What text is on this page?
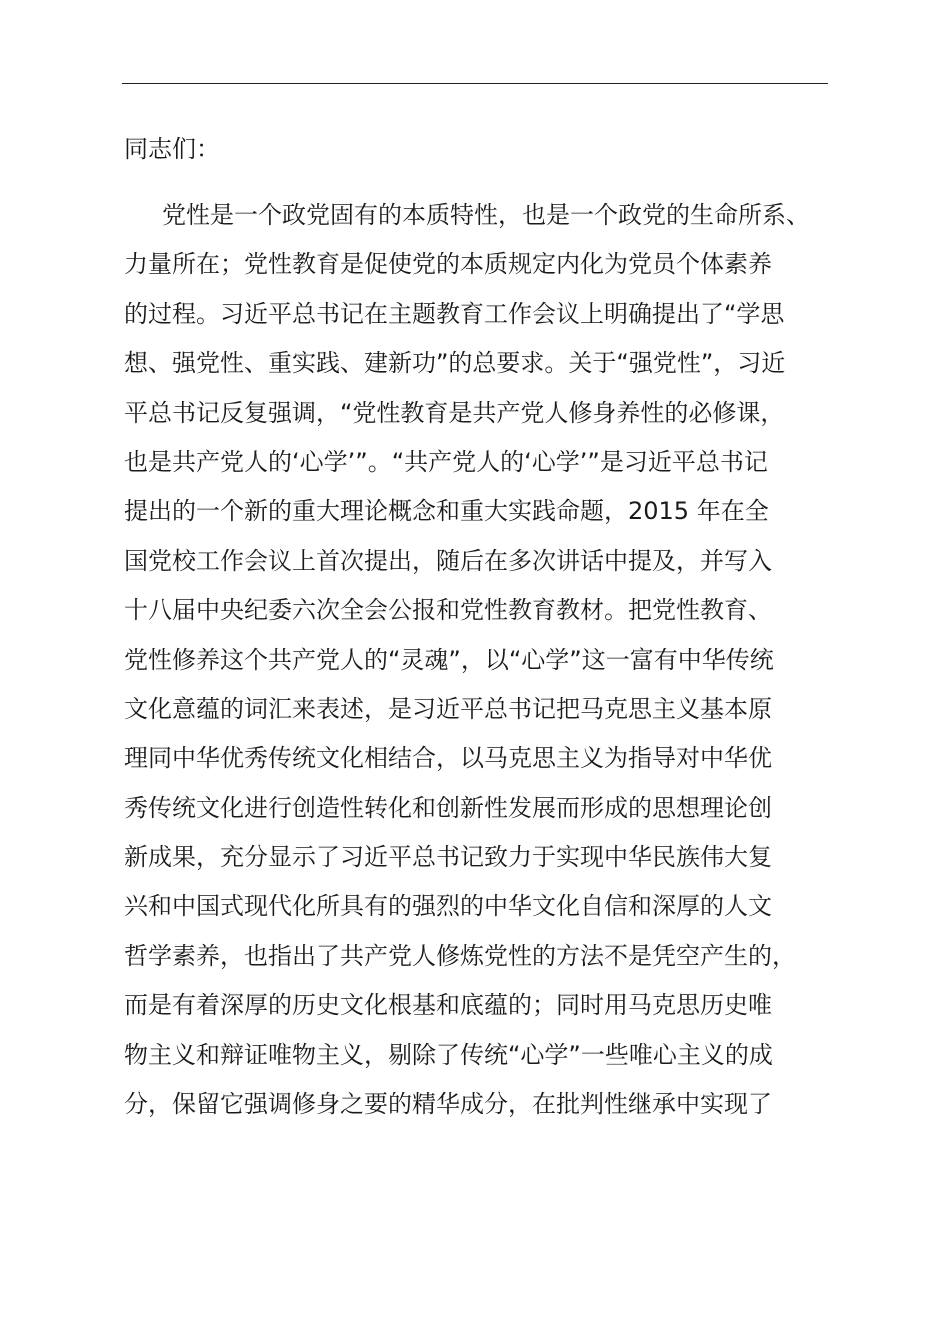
同志们：
党性是一个政党固有的本质特性，也是一个政党的生命所系、
力量所在；党性教育是促使党的本质规定内化为党员个体素养
的过程。习近平总书记在主题教育工作会议上明确提出了“学思
想、强党性、重实践、建新功”的总要求。关于“强党性”，习近
平总书记反复强调，“党性教育是共产党人修身养性的必修课，
也是共产党人的‘心学’”。“共产党人的‘心学’”是习近平总书记
提出的一个新的重大理论概念和重大实践命题，2015 年在全
国党校工作会议上首次提出，随后在多次讲话中提及，并写入
十八届中央纪委六次全会公报和党性教育教材。把党性教育、
党性修养这个共产党人的“灵魂”，以“心学”这一富有中华传统
文化意蕴的词汇来表述，是习近平总书记把马克思主义基本原
理同中华优秀传统文化相结合，以马克思主义为指导对中华优
秀传统文化进行创造性转化和创新性发展而形成的思想理论创
新成果，充分显示了习近平总书记致力于实现中华民族伟大复
兴和中国式现代化所具有的强烈的中华文化自信和深厚的人文
哲学素养，也指出了共产党人修炼党性的方法不是凭空产生的，
而是有着深厚的历史文化根基和底蕴的；同时用马克思历史唯
物主义和辩证唯物主义，剔除了传统“心学”一些唯心主义的成
分，保留它强调修身之要的精华成分，在批判性继承中实现了
